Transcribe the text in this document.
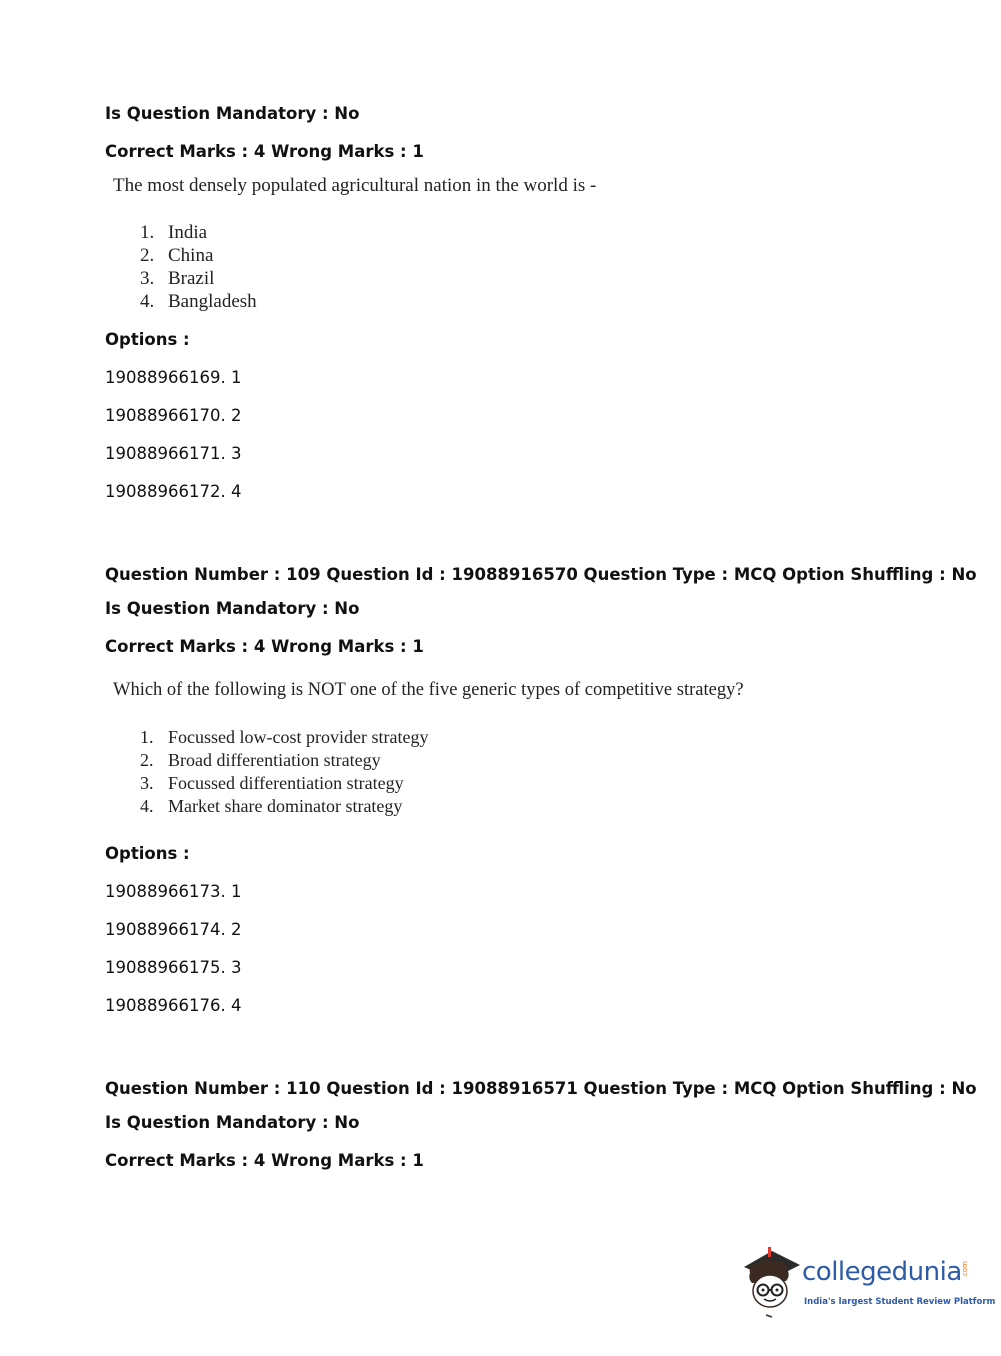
Is Question Mandatory : No
Correct Marks : 4 Wrong Marks : 1
The most densely populated agricultural nation in the world is -
1. India
2. China
3. Brazil
4. Bangladesh
Options :
19088966169. 1
19088966170. 2
19088966171. 3
19088966172. 4
Question Number : 109 Question Id : 19088916570 Question Type : MCQ Option Shuffling : No
Is Question Mandatory : No
Correct Marks : 4 Wrong Marks : 1
Which of the following is NOT one of the five generic types of competitive strategy?
1. Focussed low-cost provider strategy
2. Broad differentiation strategy
3. Focussed differentiation strategy
4. Market share dominator strategy
Options :
19088966173. 1
19088966174. 2
19088966175. 3
19088966176. 4
Question Number : 110 Question Id : 19088916571 Question Type : MCQ Option Shuffling : No
Is Question Mandatory : No
Correct Marks : 4 Wrong Marks : 1
collegedunia .com
India's largest Student Review Platform
